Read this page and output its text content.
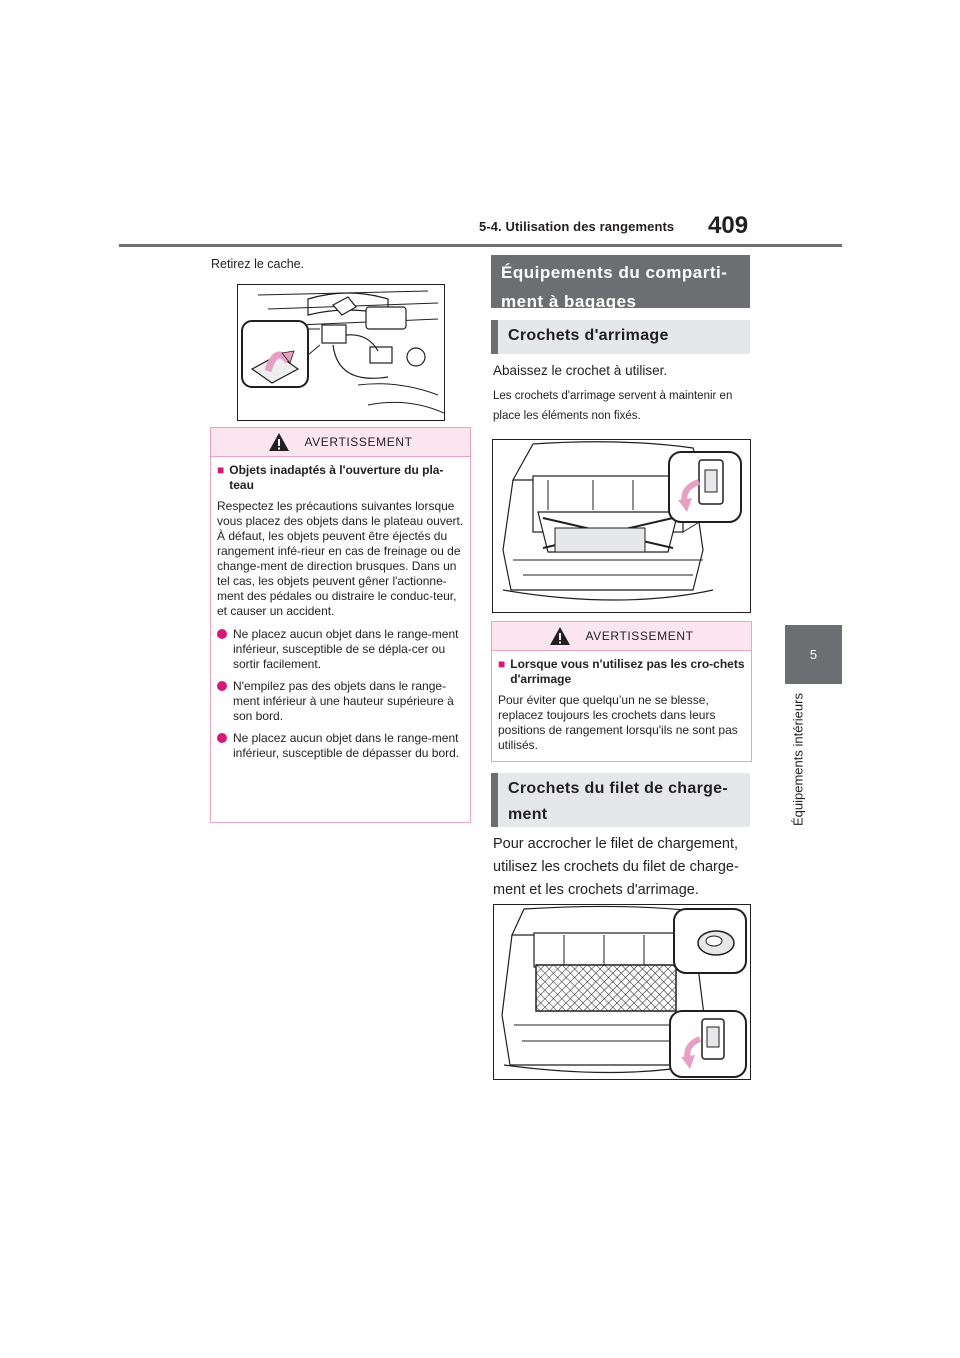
5-4. Utilisation des rangements 409
5
Équipements intérieurs
Retirez le cache.
AVERTISSEMENT
■ Objets inadaptés à l'ouverture du pla-teau

Respectez les précautions suivantes lorsque vous placez des objets dans le plateau ouvert. À défaut, les objets peuvent être éjectés du rangement infé-rieur en cas de freinage ou de change-ment de direction brusques. Dans un tel cas, les objets peuvent gêner l'actionne-ment des pédales ou distraire le conduc-teur, et causer un accident.

Ne placez aucun objet dans le range-ment inférieur, susceptible de se dépla-cer ou sortir facilement.
N'empilez pas des objets dans le range-ment inférieur à une hauteur supérieure à son bord.
Ne placez aucun objet dans le range-ment inférieur, susceptible de dépasser du bord.
Équipements du comparti-ment à bagages
Crochets d'arrimage
Abaissez le crochet à utiliser.
Les crochets d'arrimage servent à maintenir en place les éléments non fixés.
AVERTISSEMENT
■ Lorsque vous n'utilisez pas les cro-chets d'arrimage

Pour éviter que quelqu’un ne se blesse, replacez toujours les crochets dans leurs positions de rangement lorsqu'ils ne sont pas utilisés.

Crochets du filet de charge-ment
Pour accrocher le filet de chargement, utilisez les crochets du filet de charge-ment et les crochets d'arrimage.
